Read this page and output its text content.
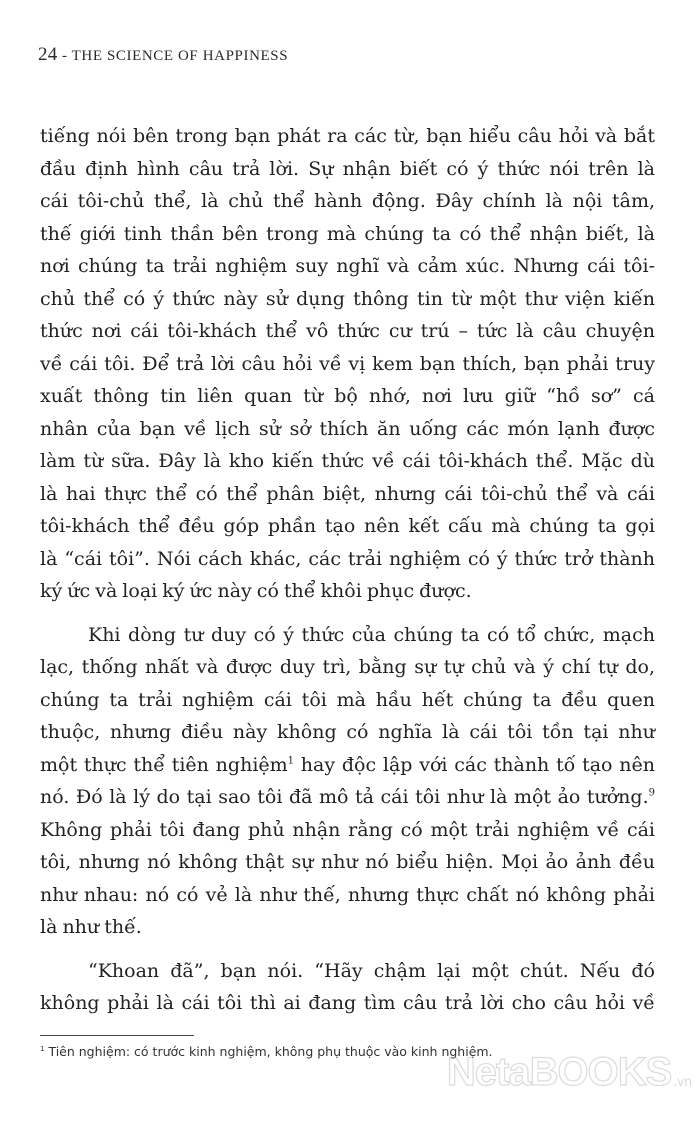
24 - THE SCIENCE OF HAPPINESS
tiếng nói bên trong bạn phát ra các từ, bạn hiểu câu hỏi và bắt
đầu định hình câu trả lời. Sự nhận biết có ý thức nói trên là
cái tôi-chủ thể, là chủ thể hành động. Đây chính là nội tâm,
thế giới tinh thần bên trong mà chúng ta có thể nhận biết, là
nơi chúng ta trải nghiệm suy nghĩ và cảm xúc. Nhưng cái tôi-
chủ thể có ý thức này sử dụng thông tin từ một thư viện kiến
thức nơi cái tôi-khách thể vô thức cư trú – tức là câu chuyện
về cái tôi. Để trả lời câu hỏi về vị kem bạn thích, bạn phải truy
xuất thông tin liên quan từ bộ nhớ, nơi lưu giữ “hồ sơ” cá
nhân của bạn về lịch sử sở thích ăn uống các món lạnh được
làm từ sữa. Đây là kho kiến thức về cái tôi-khách thể. Mặc dù
là hai thực thể có thể phân biệt, nhưng cái tôi-chủ thể và cái
tôi-khách thể đều góp phần tạo nên kết cấu mà chúng ta gọi
là “cái tôi”. Nói cách khác, các trải nghiệm có ý thức trở thành
ký ức và loại ký ức này có thể khôi phục được.
Khi dòng tư duy có ý thức của chúng ta có tổ chức, mạch
lạc, thống nhất và được duy trì, bằng sự tự chủ và ý chí tự do,
chúng ta trải nghiệm cái tôi mà hầu hết chúng ta đều quen
thuộc, nhưng điều này không có nghĩa là cái tôi tồn tại như
một thực thể tiên nghiệm$^1$ hay độc lập với các thành tố tạo nên
nó. Đó là lý do tại sao tôi đã mô tả cái tôi như là một ảo tưởng.$^9$
Không phải tôi đang phủ nhận rằng có một trải nghiệm về cái
tôi, nhưng nó không thật sự như nó biểu hiện. Mọi ảo ảnh đều
như nhau: nó có vẻ là như thế, nhưng thực chất nó không phải
là như thế.
“Khoan đã”, bạn nói. “Hãy chậm lại một chút. Nếu đó
không phải là cái tôi thì ai đang tìm câu trả lời cho câu hỏi về
$^1$ Tiên nghiệm: có trước kinh nghiệm, không phụ thuộc vào kinh nghiệm.
NetaBOOKS .vn
